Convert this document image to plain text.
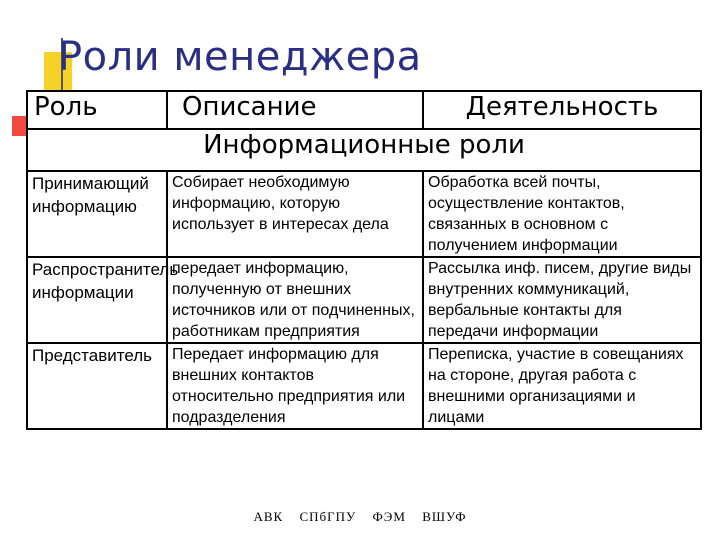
Роли менеджера
Роль	Описание	Деятельность
Информационные роли		
Принимающий информацию	Собирает необходимую информацию, которую использует в интересах дела	Обработка всей почты, осуществление контактов, связанных в основном с получением информации
Распространитель информации	передает информацию, полученную от внешних источников или от подчиненных, работникам предприятия	Рассылка инф. писем, другие виды внутренних коммуникаций, вербальные контакты для передачи информации
Представитель	Передает информацию для внешних контактов относительно предприятия или подразделения	Переписка, участие в совещаниях на стороне, другая работа с внешними организациями и лицами
АВК СПбГПУ ФЭМ ВШУФ
